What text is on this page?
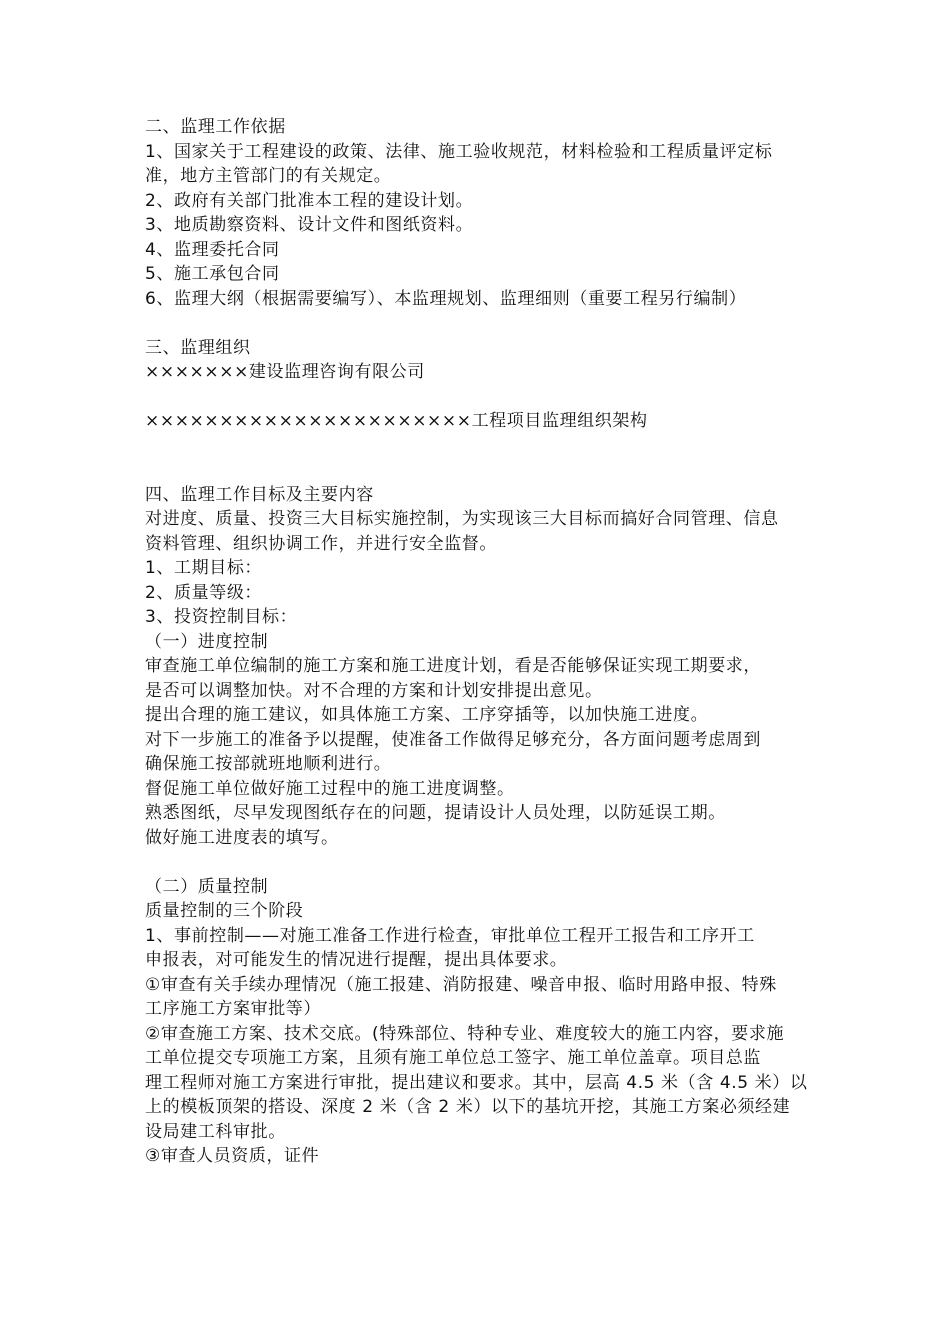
二、监理工作依据
1、国家关于工程建设的政策、法律、施工验收规范，材料检验和工程质量评定标
准，地方主管部门的有关规定。
2、政府有关部门批准本工程的建设计划。
3、地质勘察资料、设计文件和图纸资料。
4、监理委托合同
5、施工承包合同
6、监理大纲（根据需要编写）、本监理规划、监理细则（重要工程另行编制）
三、监理组织
×××××××建设监理咨询有限公司
××××××××××××××××××××××工程项目监理组织架构
四、监理工作目标及主要内容
对进度、质量、投资三大目标实施控制，为实现该三大目标而搞好合同管理、信息
资料管理、组织协调工作，并进行安全监督。
1、工期目标：
2、质量等级：
3、投资控制目标：
（一）进度控制
审查施工单位编制的施工方案和施工进度计划，看是否能够保证实现工期要求，
是否可以调整加快。对不合理的方案和计划安排提出意见。
提出合理的施工建议，如具体施工方案、工序穿插等，以加快施工进度。
对下一步施工的准备予以提醒，使准备工作做得足够充分，各方面问题考虑周到
确保施工按部就班地顺利进行。
督促施工单位做好施工过程中的施工进度调整。
熟悉图纸，尽早发现图纸存在的问题，提请设计人员处理，以防延误工期。
做好施工进度表的填写。
（二）质量控制
质量控制的三个阶段
1、事前控制——对施工准备工作进行检查，审批单位工程开工报告和工序开工
申报表，对可能发生的情况进行提醒，提出具体要求。
①审查有关手续办理情况（施工报建、消防报建、噪音申报、临时用路申报、特殊
工序施工方案审批等）
②审查施工方案、技术交底。(特殊部位、特种专业、难度较大的施工内容，要求施
工单位提交专项施工方案，且须有施工单位总工签字、施工单位盖章。项目总监
理工程师对施工方案进行审批，提出建议和要求。其中，层高 4.5 米（含 4.5 米）以
上的模板顶架的搭设、深度 2 米（含 2 米）以下的基坑开挖，其施工方案必须经建
设局建工科审批。
③审查人员资质，证件
